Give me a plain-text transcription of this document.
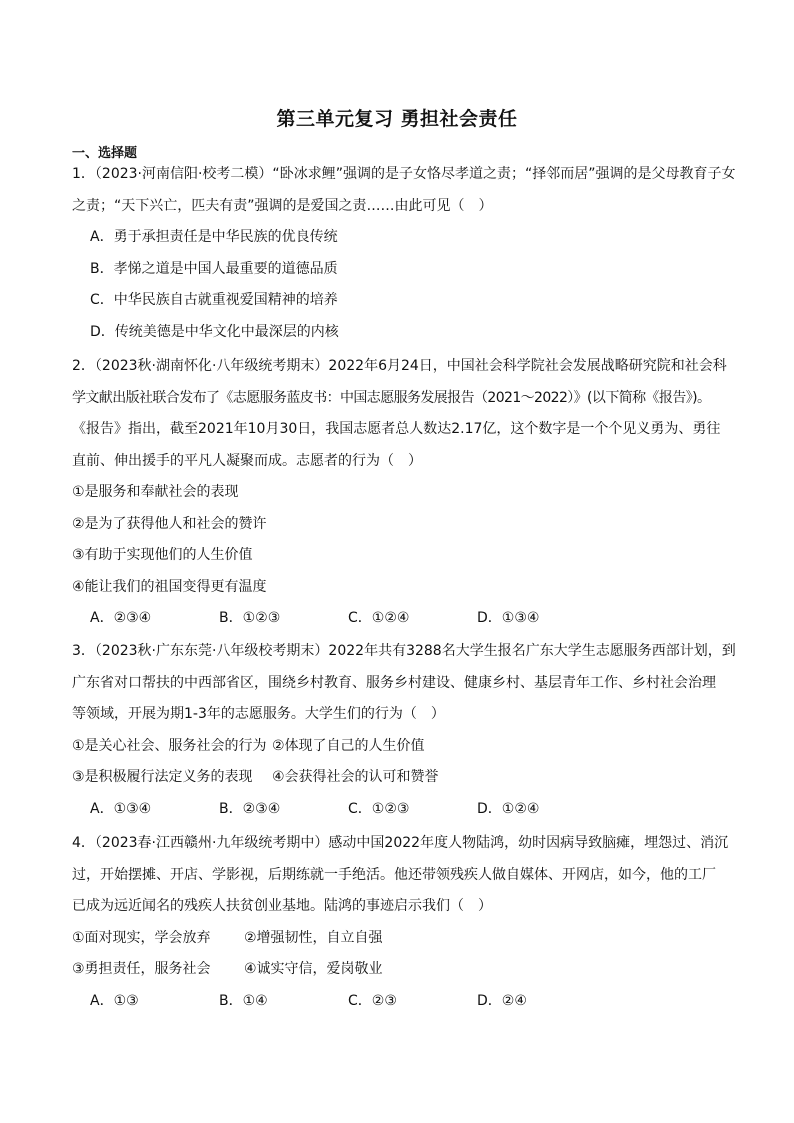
第三单元复习 勇担社会责任
一、选择题
1．（2023·河南信阳·校考二模）“卧冰求鲤”强调的是子女恪尽孝道之责；“择邻而居”强调的是父母教育子女
之责；“天下兴亡，匹夫有责”强调的是爱国之责……由此可见（　）
A．勇于承担责任是中华民族的优良传统
B．孝悌之道是中国人最重要的道德品质
C．中华民族自古就重视爱国精神的培养
D．传统美德是中华文化中最深层的内核
2．（2023秋·湖南怀化·八年级统考期末）2022年6月24日，中国社会科学院社会发展战略研究院和社会科
学文献出版社联合发布了《志愿服务蓝皮书：中国志愿服务发展报告（2021～2022）》(以下简称《报告》)。
《报告》指出，截至2021年10月30日，我国志愿者总人数达2.17亿，这个数字是一个个见义勇为、勇往
直前、伸出援手的平凡人凝聚而成。志愿者的行为（　）
①是服务和奉献社会的表现
②是为了获得他人和社会的赞许
③有助于实现他们的人生价值
④能让我们的祖国变得更有温度
A．②③④	B．①②③	C．①②④	D．①③④
3．（2023秋·广东东莞·八年级校考期末）2022年共有3288名大学生报名广东大学生志愿服务西部计划，到
广东省对口帮扶的中西部省区，围绕乡村教育、服务乡村建设、健康乡村、基层青年工作、乡村社会治理
等领域，开展为期1-3年的志愿服务。大学生们的行为（　）
①是关心社会、服务社会的行为 ②体现了自己的人生价值
③是积极履行法定义务的表现 ④会获得社会的认可和赞誉
A．①③④	B．②③④	C．①②③	D．①②④
4．（2023春·江西赣州·九年级统考期中）感动中国2022年度人物陆鸿，幼时因病导致脑瘫，埋怨过、消沉
过，开始摆摊、开店、学影视，后期练就一手绝活。他还带领残疾人做自媒体、开网店，如今，他的工厂
已成为远近闻名的残疾人扶贫创业基地。陆鸿的事迹启示我们（　）
①面对现实，学会放弃 ②增强韧性，自立自强
③勇担责任，服务社会 ④诚实守信，爱岗敬业
A．①③	B．①④	C．②③	D．②④
